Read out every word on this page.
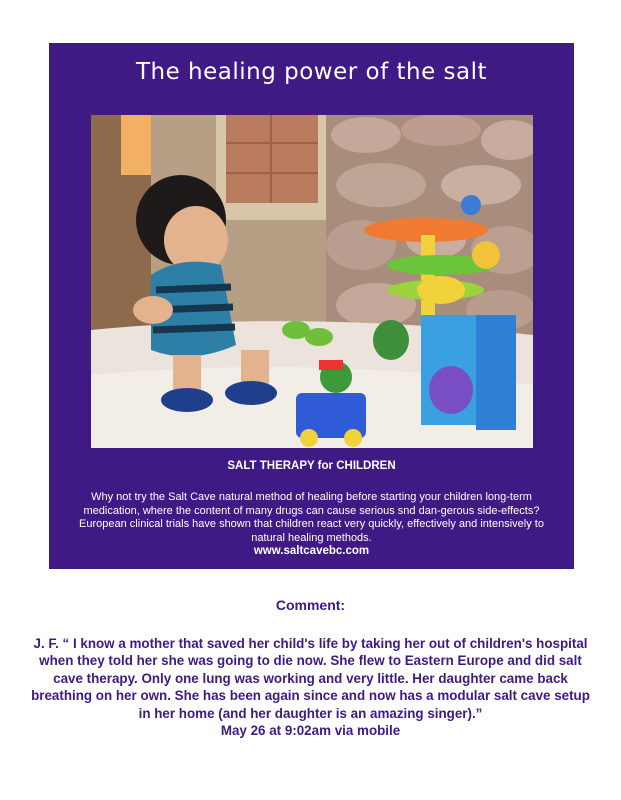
The healing power of the salt
SALT THERAPY for CHILDREN
Why not try the Salt Cave natural method of healing before starting your children long-term medication, where the content of many drugs can cause serious snd dan-gerous side-effects? European clinical trials have shown that children react very quickly, effectively and intensively to natural healing methods.
www.saltcavebc.com
Comment:
J. F. “ I know a mother that saved her child's life by taking her out of children's hospital when they told her she was going to die now. She flew to Eastern Europe and did salt cave therapy. Only one lung was working and very little. Her daughter came back breathing on her own. She has been again since and now has a modular salt cave setup in her home (and her daughter is an amazing singer).”
May 26 at 9:02am via mobile
